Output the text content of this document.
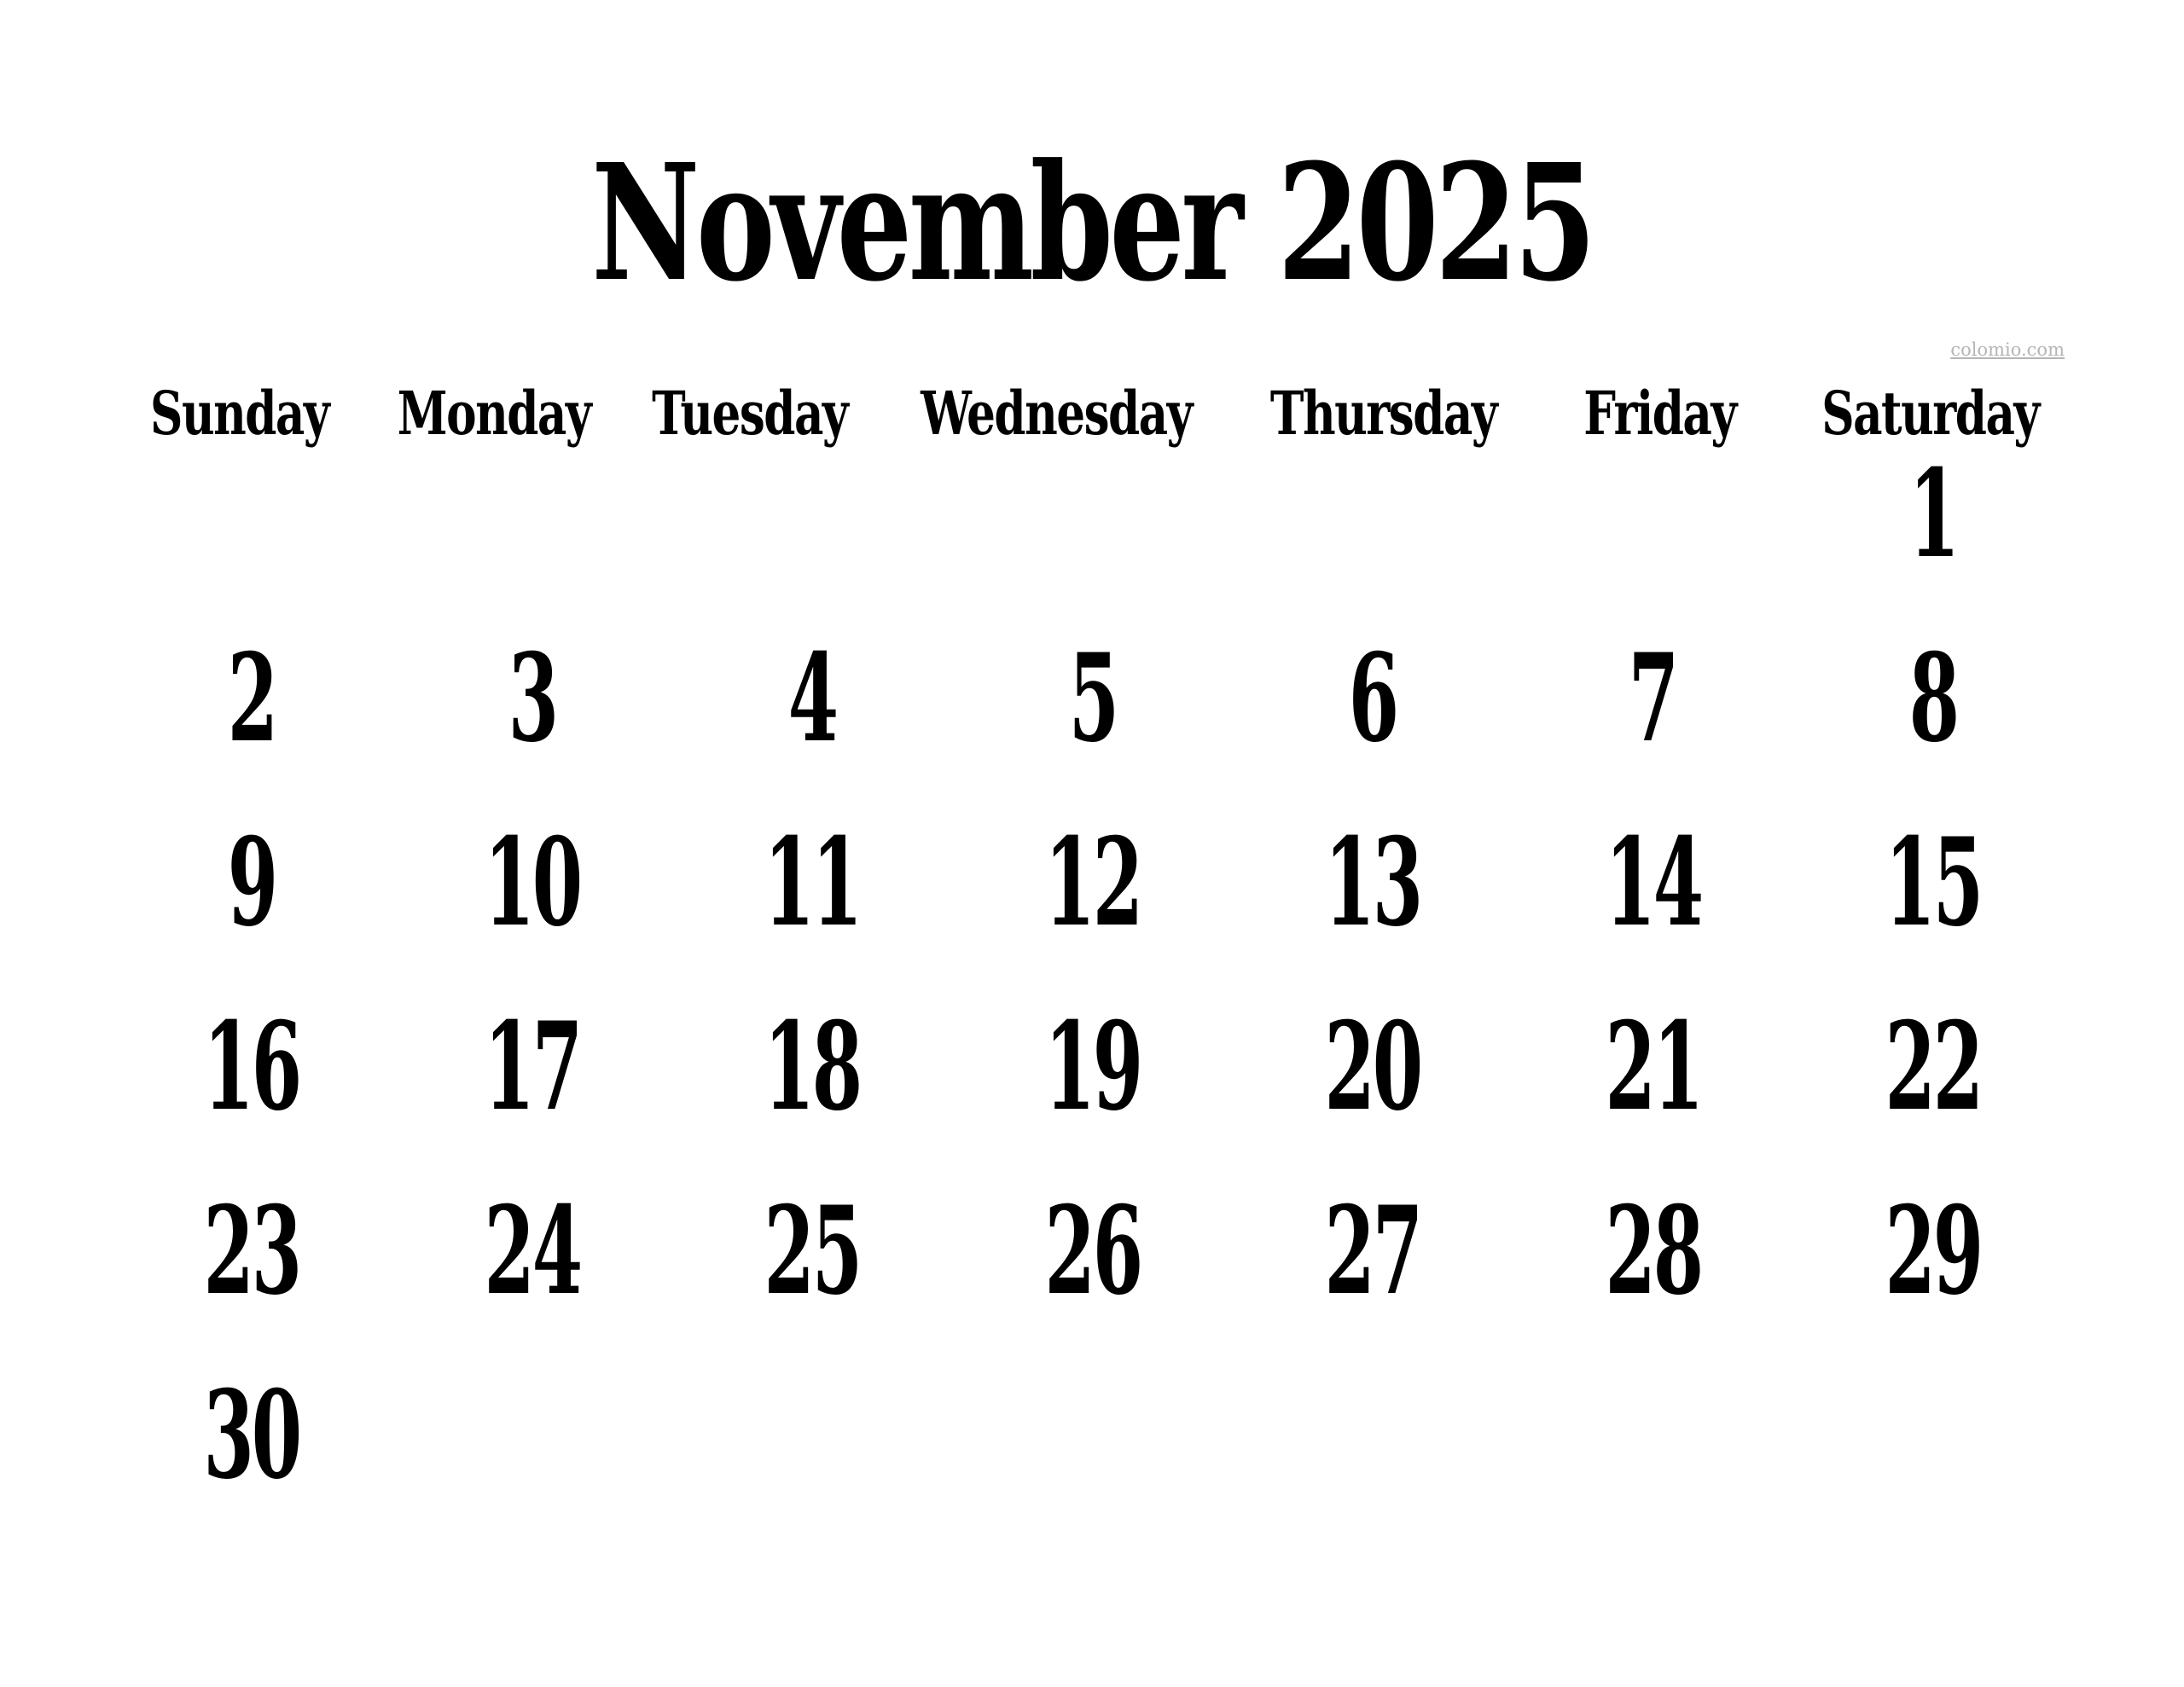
November 2025
colomio.com
Sunday Monday Tuesday Wednesday Thursday Friday Saturday
1
2 3 4 5 6 7 8
9 10 11 12 13 14 15
16 17 18 19 20 21 22
23 24 25 26 27 28 29
30
